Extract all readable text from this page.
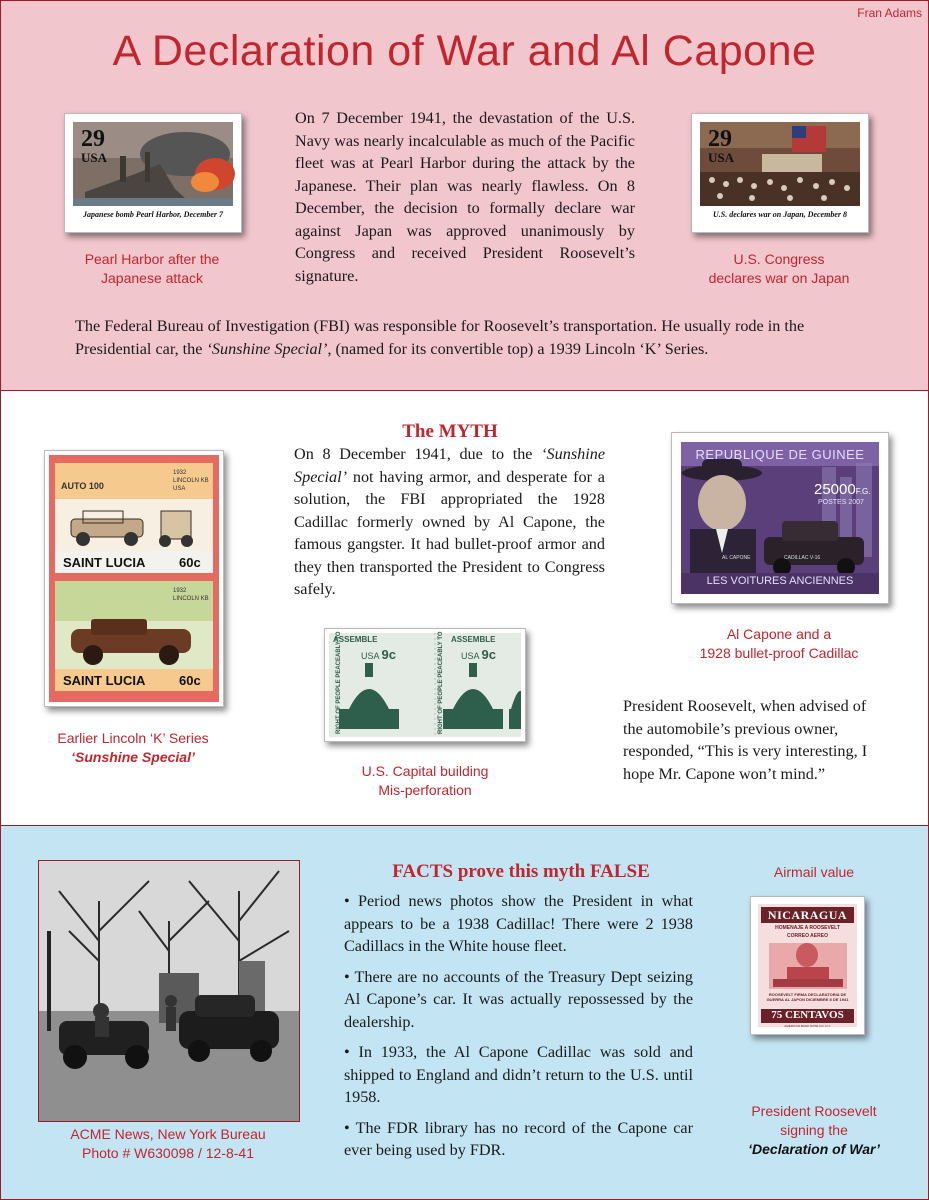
Fran Adams
A Declaration of War and Al Capone
29
USA
Japanese bomb Pearl Harbor, December 7
Pearl Harbor after the
Japanese attack
On 7 December 1941, the devastation of the U.S. Navy was nearly incalculable as much of the Pacific fleet was at Pearl Harbor during the attack by the Japanese. Their plan was nearly flawless. On 8 December, the decision to formally declare war against Japan was approved unanimously by Congress and received President Roosevelt’s signature.
29
USA
U.S. declares war on Japan, December 8
U.S. Congress
declares war on Japan
The Federal Bureau of Investigation (FBI) was responsible for Roosevelt’s transportation. He usually rode in the Presidential car, the ‘Sunshine Special’, (named for its convertible top) a 1939 Lincoln ‘K’ Series.
AUTO 100
1932
LINCOLN KB
USA
1932
LINCOLN KB
SAINT LUCIA	60c
SAINT LUCIA	60c
Earlier Lincoln ‘K’ Series
‘Sunshine Special’
The MYTH
On 8 December 1941, due to the ‘Sunshine Special’ not having armor, and desperate for a solution, the FBI appropriated the 1928 Cadillac formerly owned by Al Capone, the famous gangster. It had bullet-proof armor and they then transported the President to Congress safely.
REPUBLIQUE DE GUINEE
25000F.G.
POSTES 2007
AL CAPONE	CADILLAC V-16
LES VOITURES ANCIENNES
Al Capone and a
1928 bullet-proof Cadillac
ASSEMBLE	ASSEMBLE
USA 9c	USA 9c
RIGHT OF PEOPLE PEACEABLY TO	RIGHT OF PEOPLE PEACEABLY TO
U.S. Capital building
Mis-perforation
President Roosevelt, when advised of the automobile’s previous owner, responded, “This is very interesting, I hope Mr. Capone won’t mind.”
ACME News, New York Bureau
Photo # W630098 / 12-8-41
FACTS prove this myth FALSE

• Period news photos show the President in what appears to be a 1938 Cadillac! There were 2 1938 Cadillacs in the White house fleet.

• There are no accounts of the Treasury Dept seizing Al Capone’s car. It was actually repossessed by the dealership.

• In 1933, the Al Capone Cadillac was sold and shipped to England and didn’t return to the U.S. until 1958.

• The FDR library has no record of the Capone car ever being used by FDR.

Airmail value
NICARAGUA
HOMENAJE A ROOSEVELT
CORREO AEREO
ROOSEVELT FIRMA DECLARATORIA DE GUERRA AL JAPON DICIEMBRE 8 DE 1941
75 CENTAVOS
AMERICAN BANK NOTE CO. N.Y.
President Roosevelt
signing the
‘Declaration of War’
